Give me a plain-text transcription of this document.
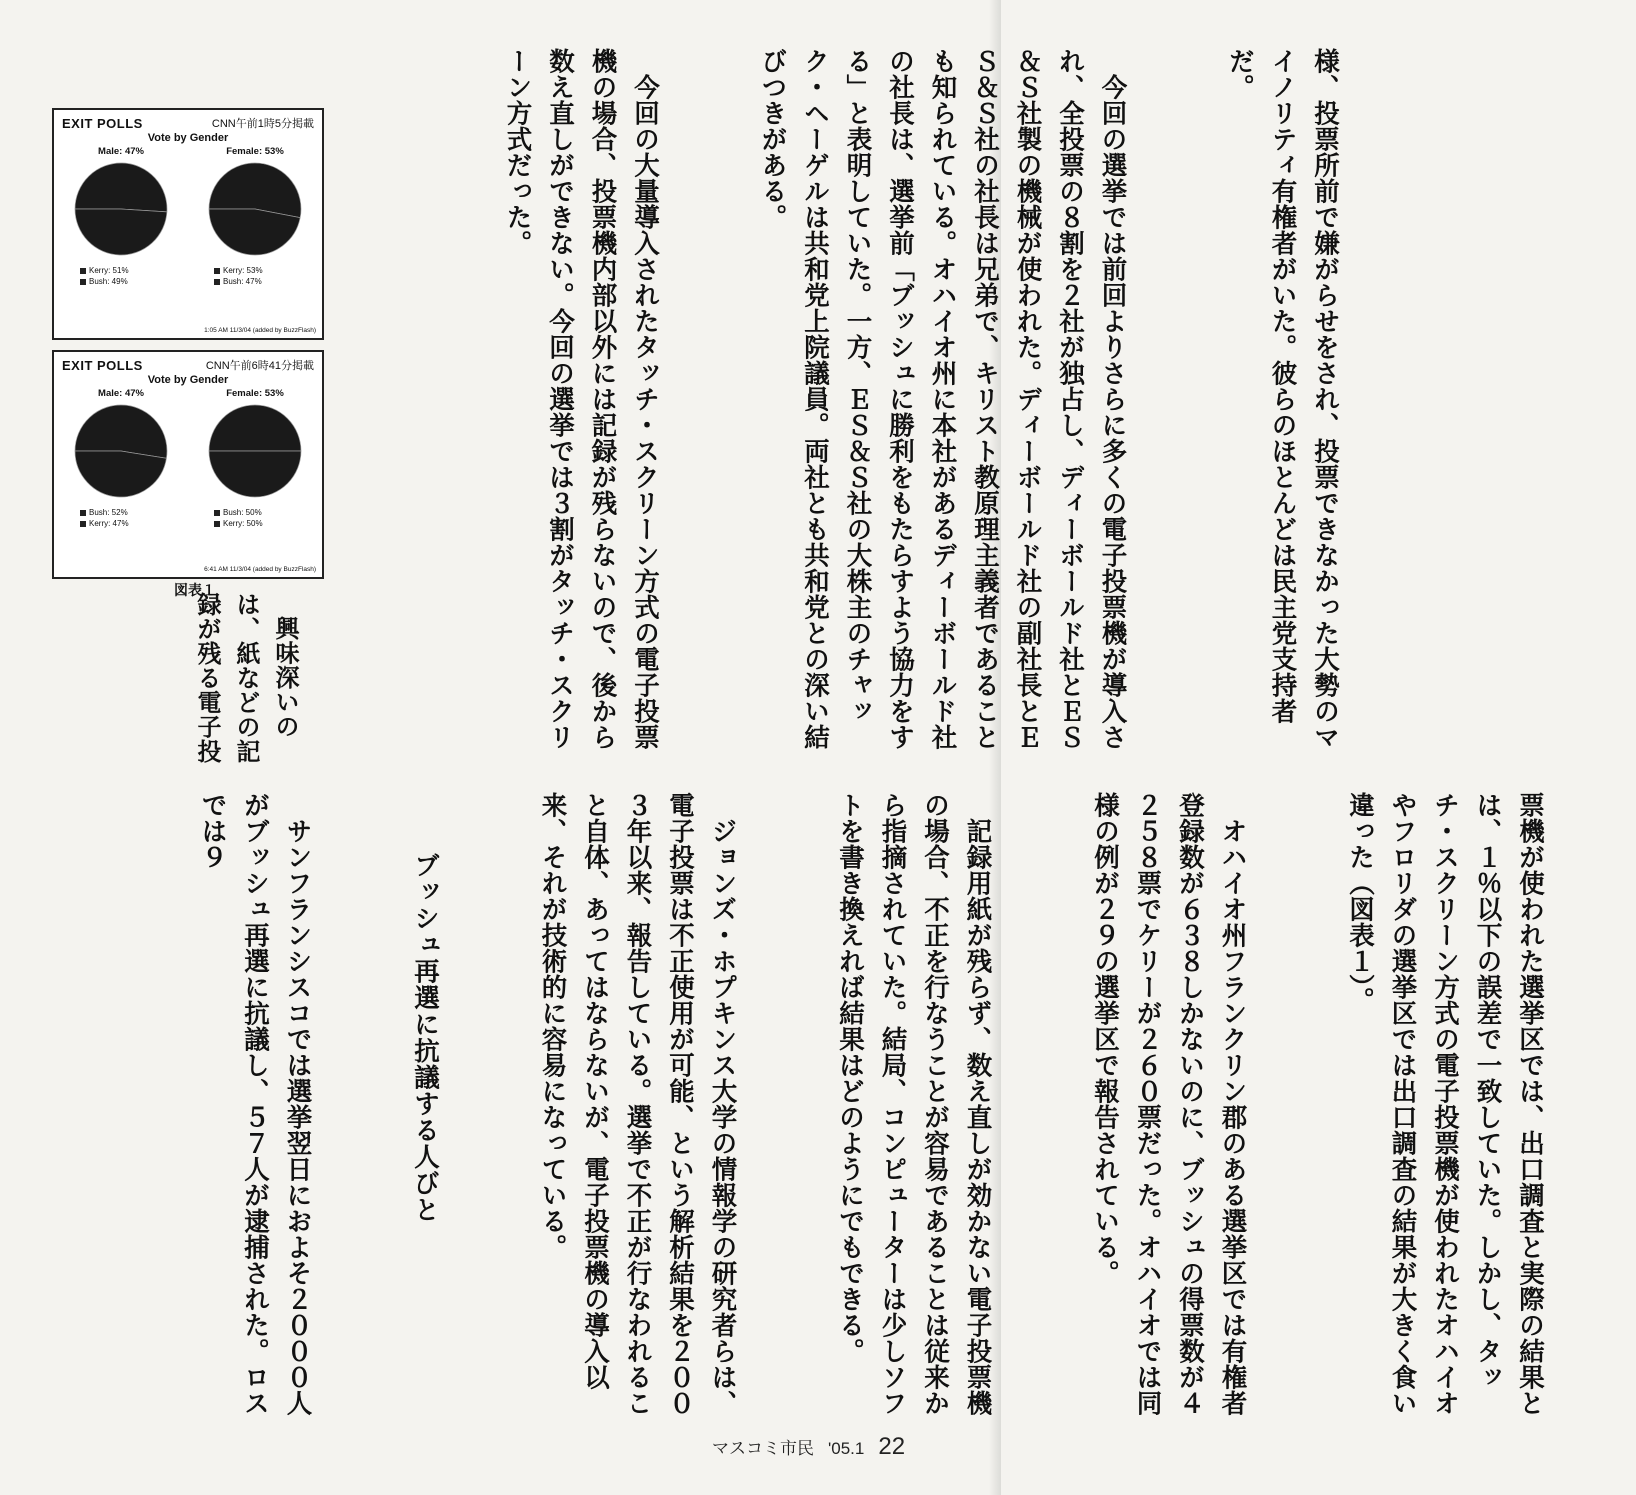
様、投票所前で嫌がらせをされ、投票できなかった大勢のマイノリティ有権者がいた。彼らのほとんどは民主党支持者だ。

今回の選挙では前回よりさらに多くの電子投票機が導入され、全投票の８割を２社が独占し、ディーボールド社とＥＳ＆Ｓ社製の機械が使われた。ディーボールド社の副社長とＥＳ＆Ｓ社の社長は兄弟で、キリスト教原理主義者であることも知られている。オハイオ州に本社があるディーボールド社の社長は、選挙前「ブッシュに勝利をもたらすよう協力をする」と表明していた。一方、ＥＳ＆Ｓ社の大株主のチャック・ヘーゲルは共和党上院議員。両社とも共和党との深い結びつきがある。

今回の大量導入されたタッチ・スクリーン方式の電子投票機の場合、投票機内部以外には記録が残らないので、後から数え直しができない。今回の選挙では３割がタッチ・スクリーン方式だった。

EXIT POLLS	CNN午前1時5分掲載
Vote by Gender
Male: 47%	Female: 53%
Kerry: 51%
Bush: 49%
Kerry: 53%
Bush: 47%
1:05 AM 11/3/04 (added by BuzzFlash)
EXIT POLLS	CNN午前6時41分掲載
Vote by Gender
Male: 47%	Female: 53%
Bush: 52%
Kerry: 47%
Bush: 50%
Kerry: 50%
6:41 AM 11/3/04 (added by BuzzFlash)
図表１

興味深いのは、紙などの記録が残る電子投

票機が使われた選挙区では、出口調査と実際の結果とは、１％以下の誤差で一致していた。しかし、タッチ・スクリーン方式の電子投票機が使われたオハイオやフロリダの選挙区では出口調査の結果が大きく食い違った（図表１）。

オハイオ州フランクリン郡のある選挙区では有権者登録数が６３８しかないのに、ブッシュの得票数が４２５８票でケリーが２６０票だった。オハイオでは同様の例が２９の選挙区で報告されている。

記録用紙が残らず、数え直しが効かない電子投票機の場合、不正を行なうことが容易であることは従来から指摘されていた。結局、コンピューターは少しソフトを書き換えれば結果はどのようにでもできる。

ジョンズ・ホプキンス大学の情報学の研究者らは、電子投票は不正使用が可能、という解析結果を２００３年以来、報告している。選挙で不正が行なわれること自体、あってはならないが、電子投票機の導入以来、それが技術的に容易になっている。

ブッシュ再選に抗議する人びと

サンフランシスコでは選挙翌日におよそ２０００人がブッシュ再選に抗議し、５７人が逮捕された。ロスでは９

マスコミ市民 '05.1 22
